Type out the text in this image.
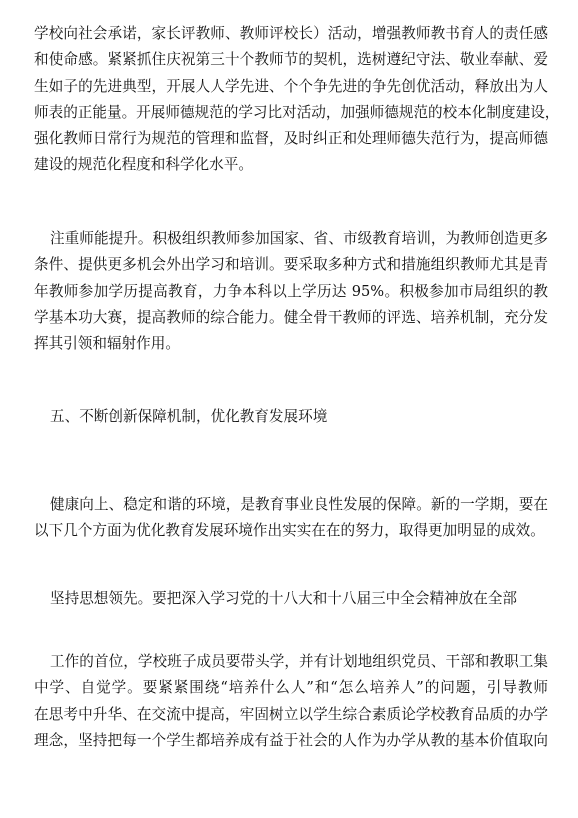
学校向社会承诺，家长评教师、教师评校长）活动，增强教师教书育人的责任感
和使命感。紧紧抓住庆祝第三十个教师节的契机，选树遵纪守法、敬业奉献、爱
生如子的先进典型，开展人人学先进、个个争先进的争先创优活动，释放出为人
师表的正能量。开展师德规范的学习比对活动，加强师德规范的校本化制度建设，
强化教师日常行为规范的管理和监督，及时纠正和处理师德失范行为，提高师德
建设的规范化程度和科学化水平。
注重师能提升。积极组织教师参加国家、省、市级教育培训，为教师创造更多
条件、提供更多机会外出学习和培训。要采取多种方式和措施组织教师尤其是青
年教师参加学历提高教育，力争本科以上学历达 95%。积极参加市局组织的教
学基本功大赛，提高教师的综合能力。健全骨干教师的评选、培养机制，充分发
挥其引领和辐射作用。
五、不断创新保障机制，优化教育发展环境
健康向上、稳定和谐的环境，是教育事业良性发展的保障。新的一学期，要在
以下几个方面为优化教育发展环境作出实实在在的努力，取得更加明显的成效。
坚持思想领先。要把深入学习党的十八大和十八届三中全会精神放在全部
工作的首位，学校班子成员要带头学，并有计划地组织党员、干部和教职工集
中学、自觉学。要紧紧围绕“培养什么人”和“怎么培养人”的问题，引导教师
在思考中升华、在交流中提高，牢固树立以学生综合素质论学校教育品质的办学
理念，坚持把每一个学生都培养成有益于社会的人作为办学从教的基本价值取向
